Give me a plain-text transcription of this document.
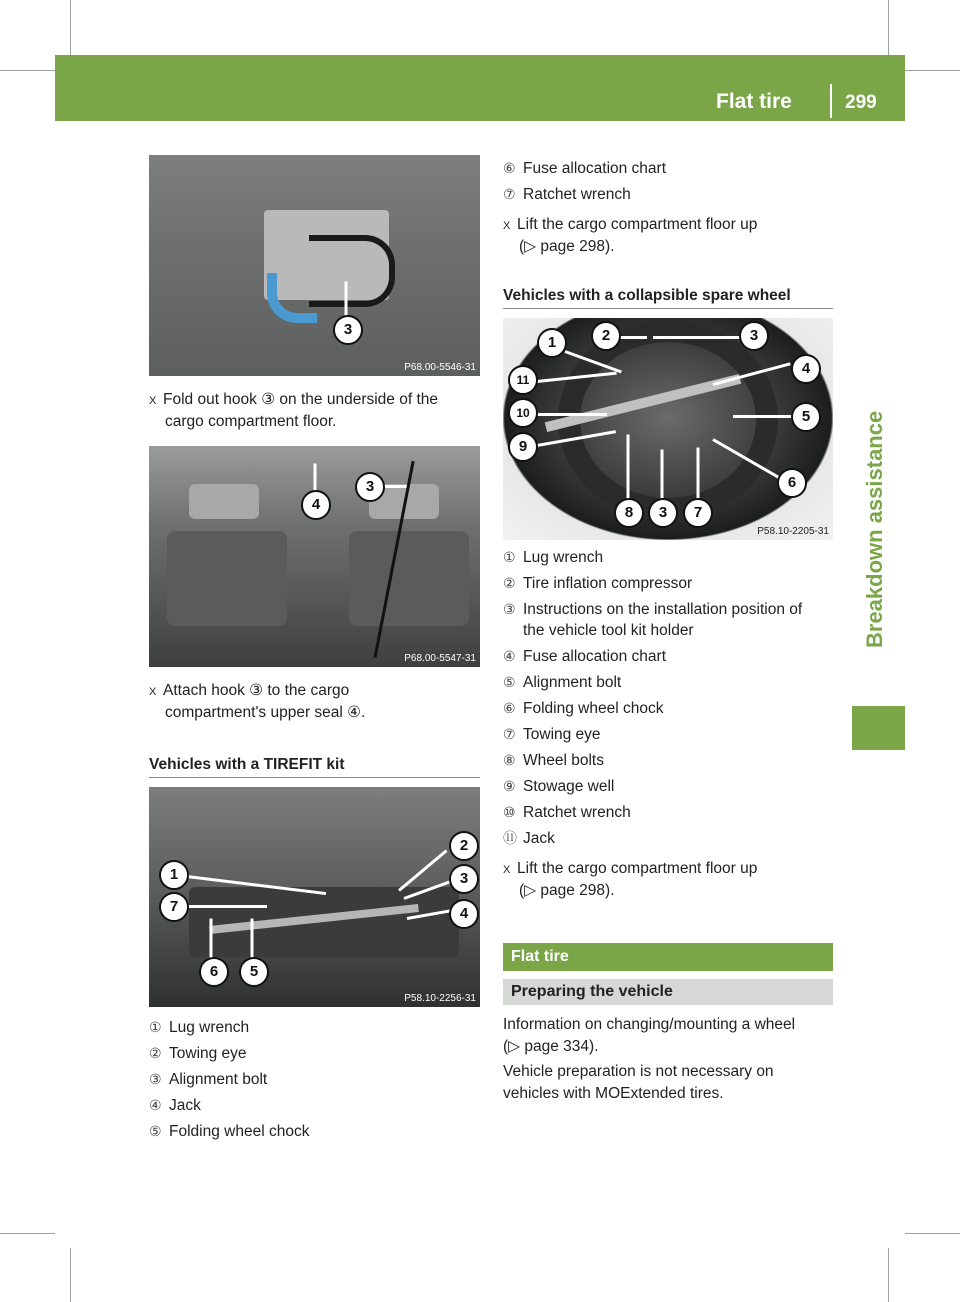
Flat tire	299
Breakdown assistance
3
P68.00-5546-31
X Fold out hook ③ on the underside of the
cargo compartment floor.
4
3
P68.00-5547-31
X Attach hook ③ to the cargo
compartment's upper seal ④.
Vehicles with a TIREFIT kit
1
2
3
7	4
6	5
P58.10-2256-31
① Lug wrench
② Towing eye
③ Alignment bolt
④ Jack
⑤ Folding wheel chock
⑥ Fuse allocation chart
⑦ Ratchet wrench
X Lift the cargo compartment floor up
(▷ page 298).
Vehicles with a collapsible spare wheel
1	2	3
11
4
10	5
9
6
8	3	7
P58.10-2205-31
① Lug wrench
② Tire inflation compressor
③ Instructions on the installation position of
the vehicle tool kit holder
④ Fuse allocation chart
⑤ Alignment bolt
⑥ Folding wheel chock
⑦ Towing eye
⑧ Wheel bolts
⑨ Stowage well
⑩ Ratchet wrench
⑪ Jack
X Lift the cargo compartment floor up
(▷ page 298).
Flat tire
Preparing the vehicle
Information on changing/mounting a wheel
(▷ page 334).
Vehicle preparation is not necessary on
vehicles with MOExtended tires.
